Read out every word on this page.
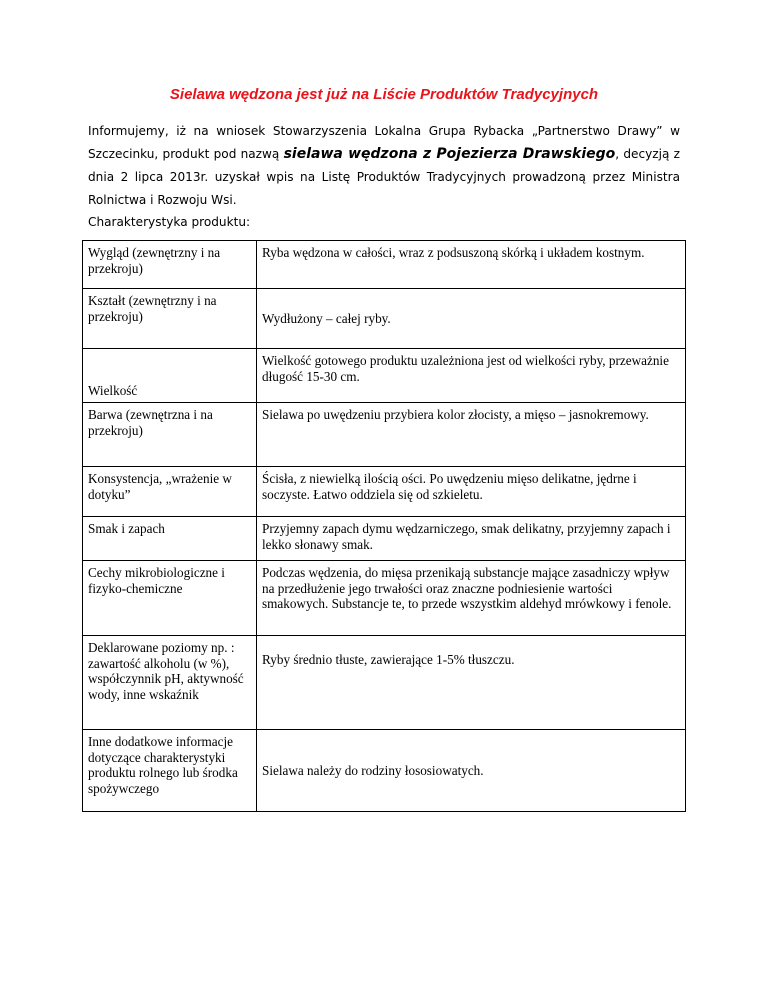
Sielawa wędzona jest już na Liście Produktów Tradycyjnych

Informujemy, iż na wniosek Stowarzyszenia Lokalna Grupa Rybacka „Partnerstwo Drawy” w Szczecinku, produkt pod nazwą sielawa wędzona z Pojezierza Drawskiego, decyzją z dnia 2 lipca 2013r. uzyskał wpis na Listę Produktów Tradycyjnych prowadzoną przez Ministra Rolnictwa i Rozwoju Wsi.

Charakterystyka produktu:

Wygląd (zewnętrzny i na przekroju)	Ryba wędzona w całości, wraz z podsuszoną skórką i układem kostnym.
Kształt (zewnętrzny i na przekroju)	Wydłużony – całej ryby.
Wielkość	Wielkość gotowego produktu uzależniona jest od wielkości ryby, przeważnie długość 15-30 cm.
Barwa (zewnętrzna i na przekroju)	Sielawa po uwędzeniu przybiera kolor złocisty, a mięso – jasnokremowy.
Konsystencja, „wrażenie w dotyku”	Ścisła, z niewielką ilością ości. Po uwędzeniu mięso delikatne, jędrne i soczyste. Łatwo oddziela się od szkieletu.
Smak i zapach	Przyjemny zapach dymu wędzarniczego, smak delikatny, przyjemny zapach i lekko słonawy smak.
Cechy mikrobiologiczne i fizyko-chemiczne	Podczas wędzenia, do mięsa przenikają substancje mające zasadniczy wpływ na przedłużenie jego trwałości oraz znaczne podniesienie wartości smakowych. Substancje te, to przede wszystkim aldehyd mrówkowy i fenole.
Deklarowane poziomy np. : zawartość alkoholu (w %), współczynnik pH, aktywność wody, inne wskaźnik	Ryby średnio tłuste, zawierające 1-5% tłuszczu.
Inne dodatkowe informacje dotyczące charakterystyki produktu rolnego lub środka spożywczego	Sielawa należy do rodziny łososiowatych.
